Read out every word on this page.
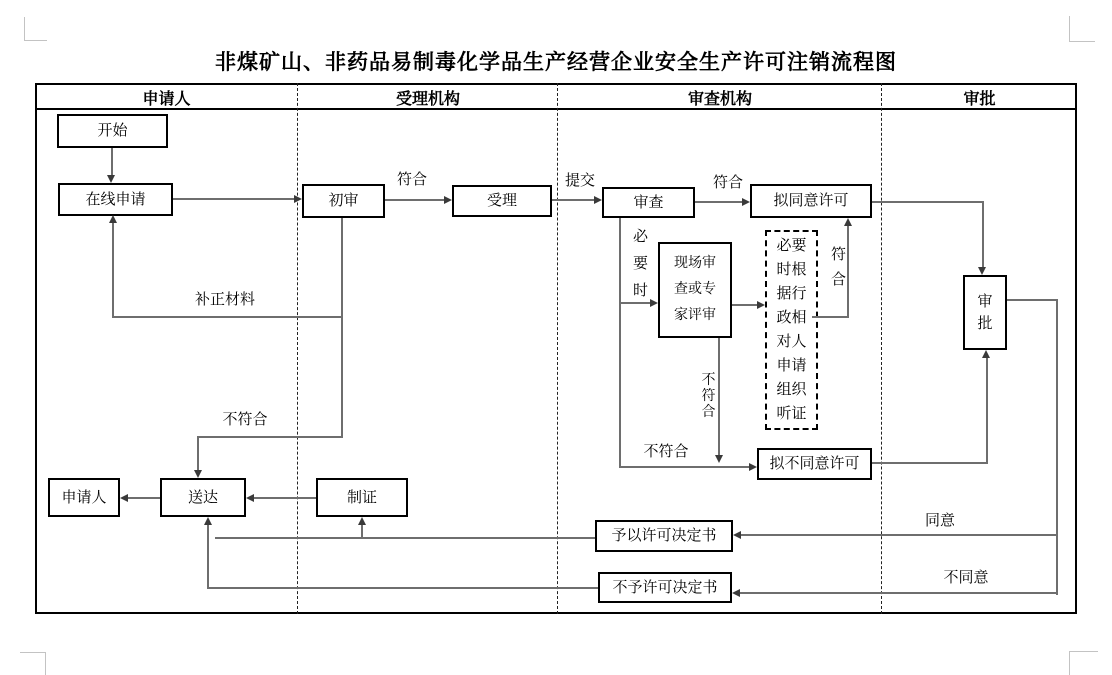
非煤矿山、非药品易制毒化学品生产经营企业安全生产许可注销流程图
申请人	受理机构	审查机构	审批
开始
在线申请	初审	受理	审查	拟同意许可
现场审查或专家评审
必要时根据行政相对人申请组织听证
审批
拟不同意许可
申请人	送达	制证
予以许可决定书
不予许可决定书
符合	提交	符合
补正材料
不符合
必要时
不符合
符合
不符合
同意
不同意
